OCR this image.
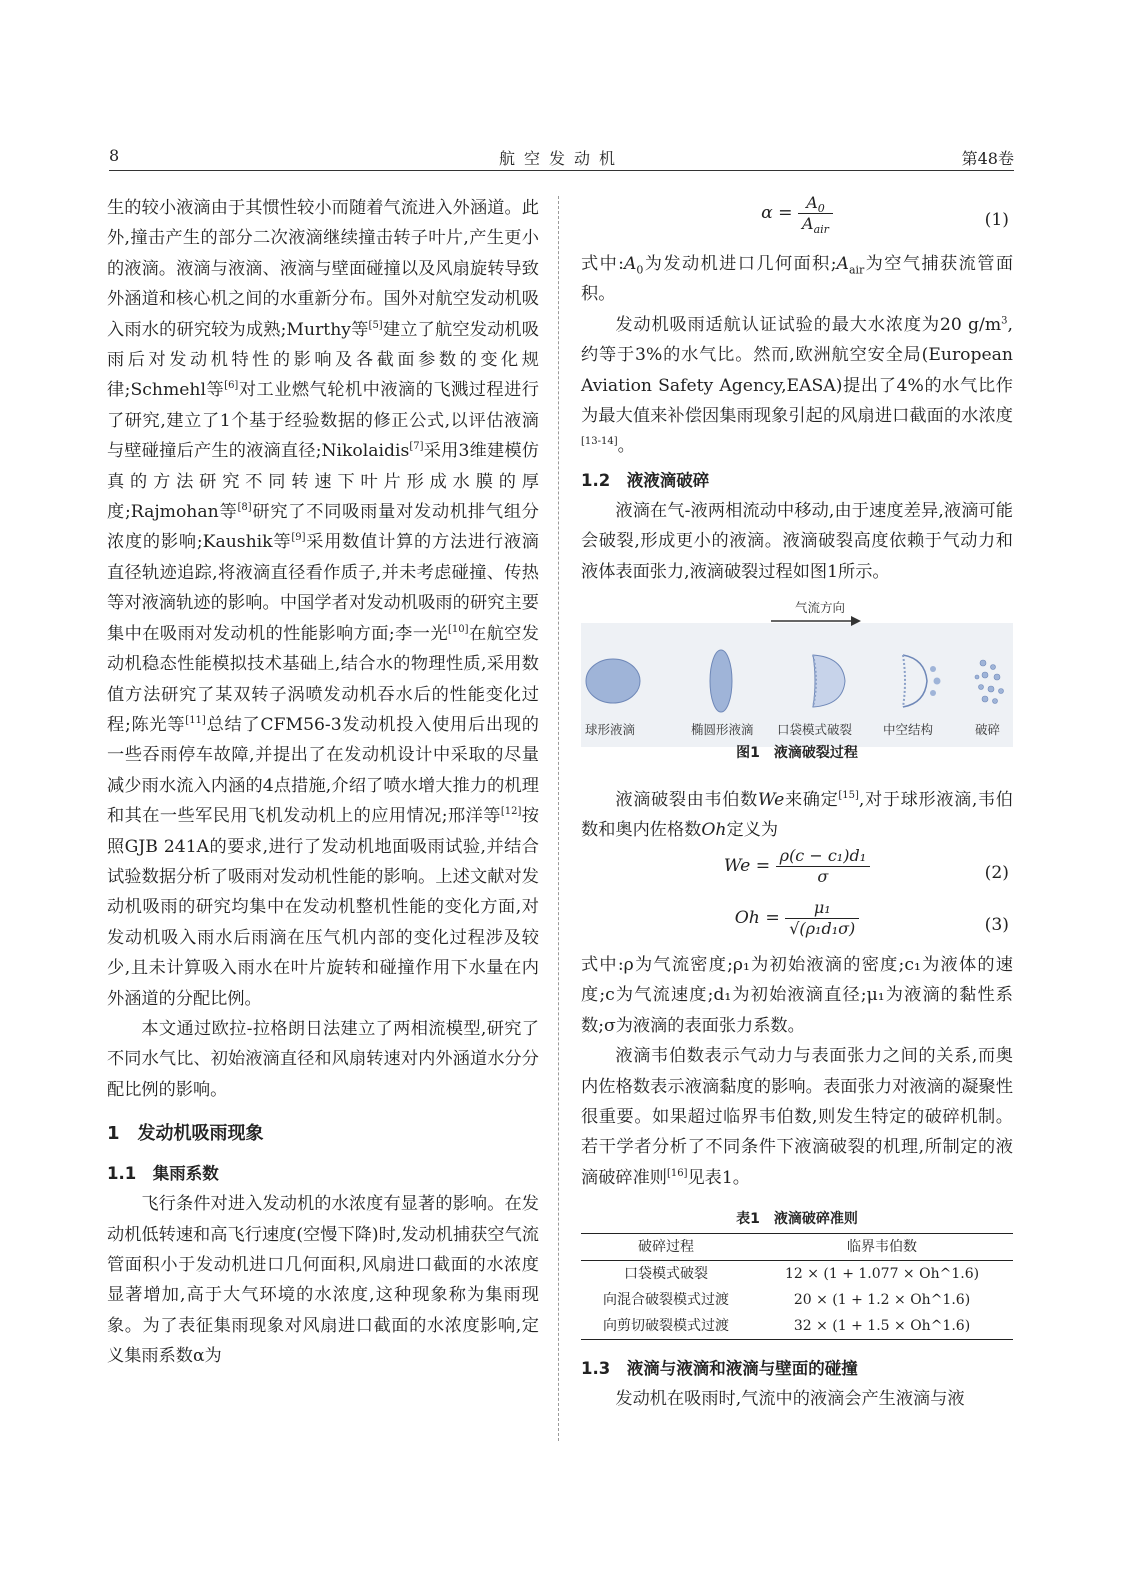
8	航空发动机	第48卷

生的较小液滴由于其惯性较小而随着气流进入外涵道。此外,撞击产生的部分二次液滴继续撞击转子叶片,产生更小的液滴。液滴与液滴、液滴与壁面碰撞以及风扇旋转导致外涵道和核心机之间的水重新分布。国外对航空发动机吸入雨水的研究较为成熟;Murthy等[5]建立了航空发动机吸雨后对发动机特性的影响及各截面参数的变化规律;Schmehl等[6]对工业燃气轮机中液滴的飞溅过程进行了研究,建立了1个基于经验数据的修正公式,以评估液滴与壁碰撞后产生的液滴直径;Nikolaidis[7]采用3维建模仿真的方法研究不同转速下叶片形成水膜的厚度;Rajmohan等[8]研究了不同吸雨量对发动机排气组分浓度的影响;Kaushik等[9]采用数值计算的方法进行液滴直径轨迹追踪,将液滴直径看作质子,并未考虑碰撞、传热等对液滴轨迹的影响。中国学者对发动机吸雨的研究主要集中在吸雨对发动机的性能影响方面;李一光[10]在航空发动机稳态性能模拟技术基础上,结合水的物理性质,采用数值方法研究了某双转子涡喷发动机吞水后的性能变化过程;陈光等[11]总结了CFM56-3发动机投入使用后出现的一些吞雨停车故障,并提出了在发动机设计中采取的尽量减少雨水流入内涵的4点措施,介绍了喷水增大推力的机理和其在一些军民用飞机发动机上的应用情况;邢洋等[12]按照GJB 241A的要求,进行了发动机地面吸雨试验,并结合试验数据分析了吸雨对发动机性能的影响。上述文献对发动机吸雨的研究均集中在发动机整机性能的变化方面,对发动机吸入雨水后雨滴在压气机内部的变化过程涉及较少,且未计算吸入雨水在叶片旋转和碰撞作用下水量在内外涵道的分配比例。

本文通过欧拉-拉格朗日法建立了两相流模型,研究了不同水气比、初始液滴直径和风扇转速对内外涵道水分分配比例的影响。

1　发动机吸雨现象
1.1　集雨系数

飞行条件对进入发动机的水浓度有显著的影响。在发动机低转速和高飞行速度(空慢下降)时,发动机捕获空气流管面积小于发动机进口几何面积,风扇进口截面的水浓度显著增加,高于大气环境的水浓度,这种现象称为集雨现象。为了表征集雨现象对风扇进口截面的水浓度影响,定义集雨系数α为

$\alpha = \frac{A_0}{A_{air}}$	(1)

式中$:A_0$为发动机进口几何面积$;A_{air}$为空气捕获流管面积。

发动机吸雨适航认证试验的最大水浓度为20 $g/m^3$,约等于3%的水气比。然而,欧洲航空安全局(European Aviation Safety Agency,EASA)提出了4%的水气比作为最大值来补偿因集雨现象引起的风扇进口截面的水浓度[13-14]。

1.2　液液滴破碎

液滴在气-液两相流动中移动,由于速度差异,液滴可能会破裂,形成更小的液滴。液滴破裂高度依赖于气动力和液体表面张力,液滴破裂过程如图1所示。

气流方向
球形液滴	椭圆形液滴 口袋模式破裂 中空结构	破碎
图1　液滴破裂过程

液滴破裂由韦伯数We来确定[15],对于球形液滴,韦伯数和奥内佐格数Oh定义为

$We = \frac{\text{ρ(c − c₁)d₁}}{\sigma}$	(2)
$Oh = \frac{\text{μ₁}}{\text{√(ρ₁d₁σ)}}$	(3)

式中:ρ为气流密度;ρ₁为初始液滴的密度;c₁为液体的速度;c为气流速度;d₁为初始液滴直径;μ₁为液滴的黏性系数;σ为液滴的表面张力系数。

液滴韦伯数表示气动力与表面张力之间的关系,而奥内佐格数表示液滴黏度的影响。表面张力对液滴的凝聚性很重要。如果超过临界韦伯数,则发生特定的破碎机制。若干学者分析了不同条件下液滴破裂的机理,所制定的液滴破碎准则[16]见表1。

表1　液滴破碎准则
破碎过程	临界韦伯数
口袋模式破裂	12 × (1 + 1.077 × Oh^1.6)
向混合破裂模式过渡	20 × (1 + 1.2 × Oh^1.6)
向剪切破裂模式过渡	32 × (1 + 1.5 × Oh^1.6)
1.3　液滴与液滴和液滴与壁面的碰撞

发动机在吸雨时,气流中的液滴会产生液滴与液
